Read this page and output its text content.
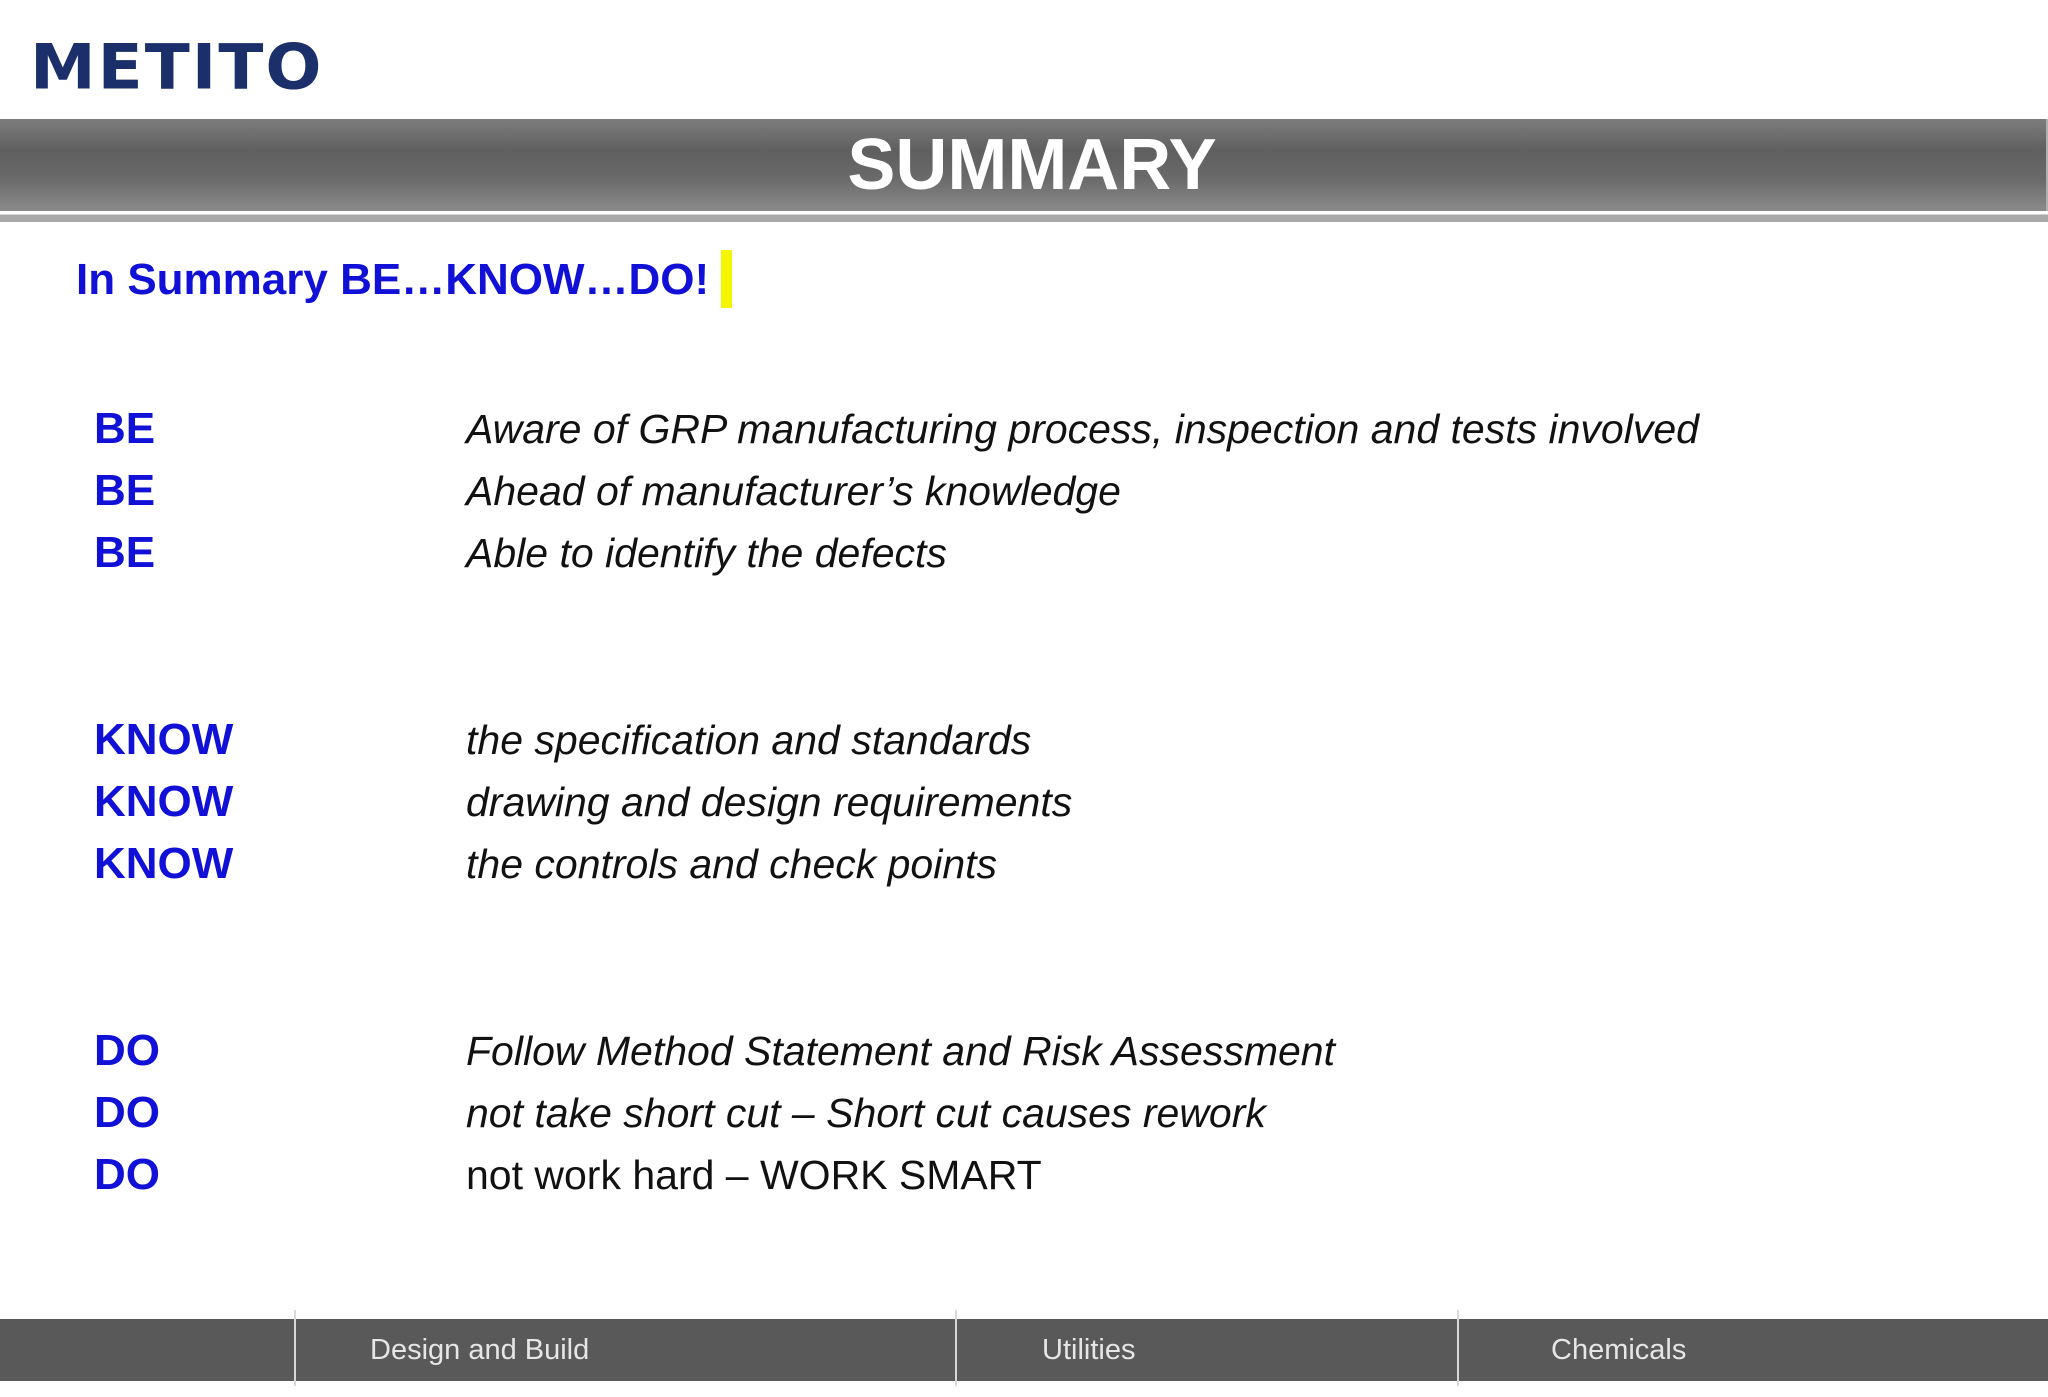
METITO
SUMMARY
In Summary BE…KNOW…DO!
BE	Aware of GRP manufacturing process, inspection and tests involved
BE	Ahead of manufacturer’s knowledge
BE	Able to identify the defects
KNOW	the specification and standards
KNOW	drawing and design requirements
KNOW	the controls and check points
DO	Follow Method Statement and Risk Assessment
DO	not take short cut – Short cut causes rework
DO	not work hard – WORK SMART
Design and Build	Utilities	Chemicals
